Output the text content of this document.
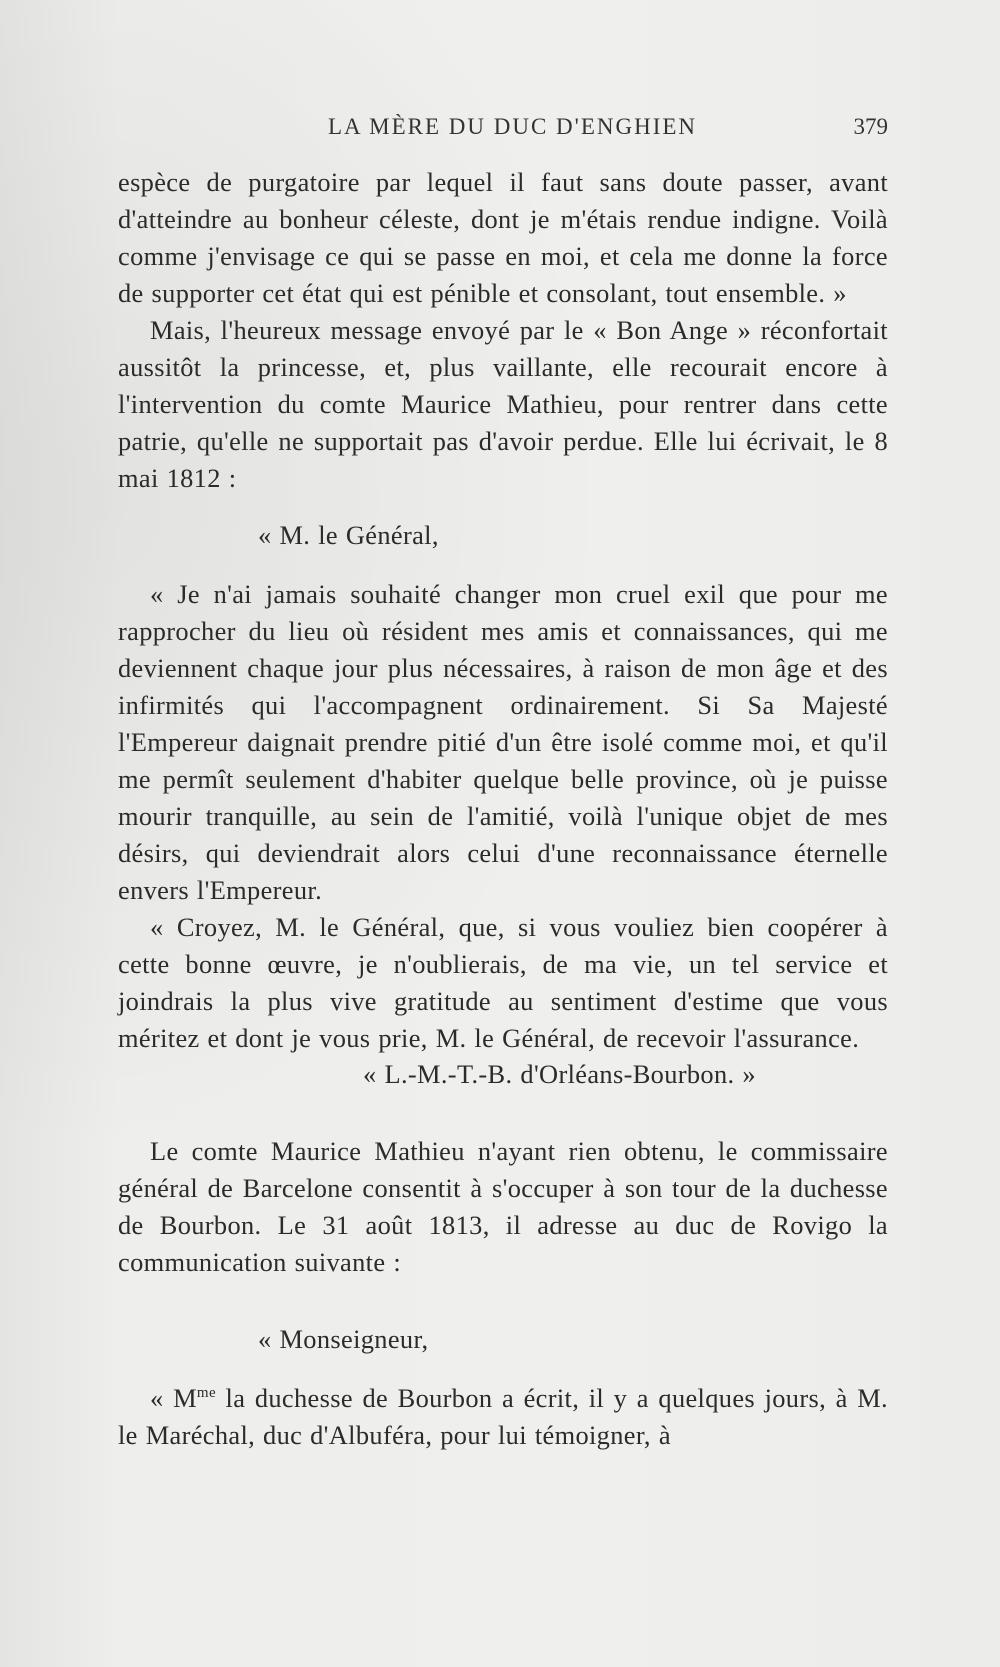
LA MÈRE DU DUC D'ENGHIEN	379

espèce de purgatoire par lequel il faut sans doute passer, avant d'atteindre au bonheur céleste, dont je m'étais rendue indigne. Voilà comme j'envisage ce qui se passe en moi, et cela me donne la force de supporter cet état qui est pénible et consolant, tout ensemble. »

Mais, l'heureux message envoyé par le « Bon Ange » réconfortait aussitôt la princesse, et, plus vaillante, elle recourait encore à l'intervention du comte Maurice Mathieu, pour rentrer dans cette patrie, qu'elle ne supportait pas d'avoir perdue. Elle lui écrivait, le 8 mai 1812 :

« M. le Général,

« Je n'ai jamais souhaité changer mon cruel exil que pour me rapprocher du lieu où résident mes amis et connaissances, qui me deviennent chaque jour plus nécessaires, à raison de mon âge et des infirmités qui l'accompagnent ordinairement. Si Sa Majesté l'Empereur daignait prendre pitié d'un être isolé comme moi, et qu'il me permît seulement d'habiter quelque belle province, où je puisse mourir tranquille, au sein de l'amitié, voilà l'unique objet de mes désirs, qui deviendrait alors celui d'une reconnaissance éternelle envers l'Empereur.

« Croyez, M. le Général, que, si vous vouliez bien coopérer à cette bonne œuvre, je n'oublierais, de ma vie, un tel service et joindrais la plus vive gratitude au sentiment d'estime que vous méritez et dont je vous prie, M. le Général, de recevoir l'assurance.

« L.-M.-T.-B. d'Orléans-Bourbon. »

Le comte Maurice Mathieu n'ayant rien obtenu, le commissaire général de Barcelone consentit à s'occuper à son tour de la duchesse de Bourbon. Le 31 août 1813, il adresse au duc de Rovigo la communication suivante :

« Monseigneur,

« $M^{me}$ la duchesse de Bourbon a écrit, il y a quelques jours, à M. le Maréchal, duc d'Albuféra, pour lui témoigner, à
